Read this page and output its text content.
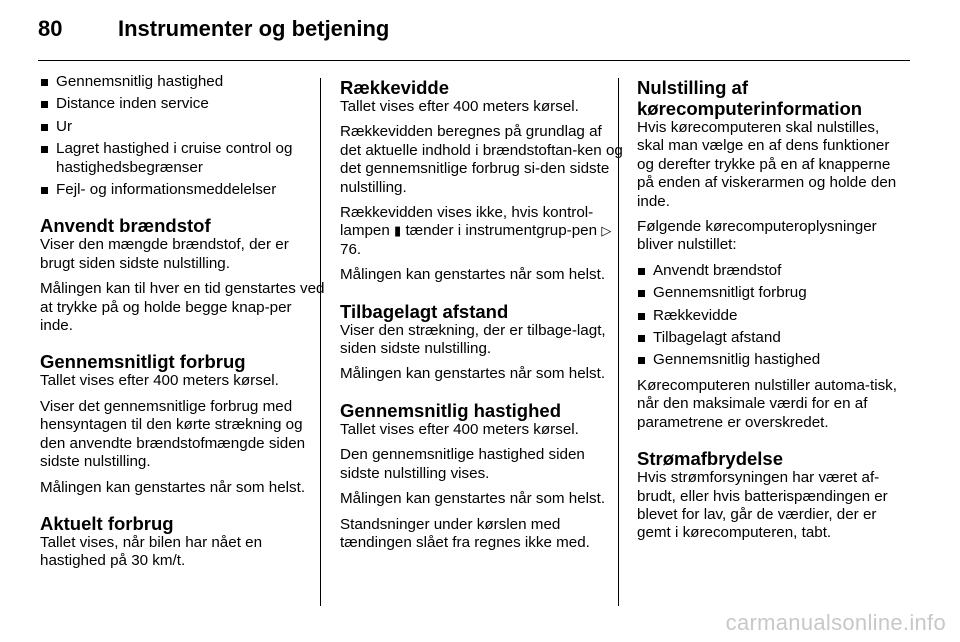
80	Instrumenter og betjening
Gennemsnitlig hastighed
Distance inden service
Ur
Lagret hastighed i cruise control og hastighedsbegrænser
Fejl- og informationsmeddelelser
Anvendt brændstof

Viser den mængde brændstof, der er brugt siden sidste nulstilling.

Målingen kan til hver en tid genstartes ved at trykke på og holde begge knap-per inde.

Gennemsnitligt forbrug

Tallet vises efter 400 meters kørsel.

Viser det gennemsnitlige forbrug med hensyntagen til den kørte strækning og den anvendte brændstofmængde siden sidste nulstilling.

Målingen kan genstartes når som helst.

Aktuelt forbrug

Tallet vises, når bilen har nået en hastighed på 30 km/t.

Rækkevidde

Tallet vises efter 400 meters kørsel.

Rækkevidden beregnes på grundlag af det aktuelle indhold i brændstoftan-ken og det gennemsnitlige forbrug si-den sidste nulstilling.

Rækkevidden vises ikke, hvis kontrol-lampen ▮ tænder i instrumentgrup-pen ▷ 76.

Målingen kan genstartes når som helst.

Tilbagelagt afstand

Viser den strækning, der er tilbage-lagt, siden sidste nulstilling.

Målingen kan genstartes når som helst.

Gennemsnitlig hastighed

Tallet vises efter 400 meters kørsel.

Den gennemsnitlige hastighed siden sidste nulstilling vises.

Målingen kan genstartes når som helst.

Standsninger under kørslen med tændingen slået fra regnes ikke med.

Nulstilling af kørecomputerinformation

Hvis kørecomputeren skal nulstilles, skal man vælge en af dens funktioner og derefter trykke på en af knapperne på enden af viskerarmen og holde den inde.

Følgende kørecomputeroplysninger bliver nulstillet:

Anvendt brændstof
Gennemsnitligt forbrug
Rækkevidde
Tilbagelagt afstand
Gennemsnitlig hastighed

Kørecomputeren nulstiller automa-tisk, når den maksimale værdi for en af parametrene er overskredet.

Strømafbrydelse

Hvis strømforsyningen har været af-brudt, eller hvis batterispændingen er blevet for lav, går de værdier, der er gemt i kørecomputeren, tabt.

carmanualsonline.info
